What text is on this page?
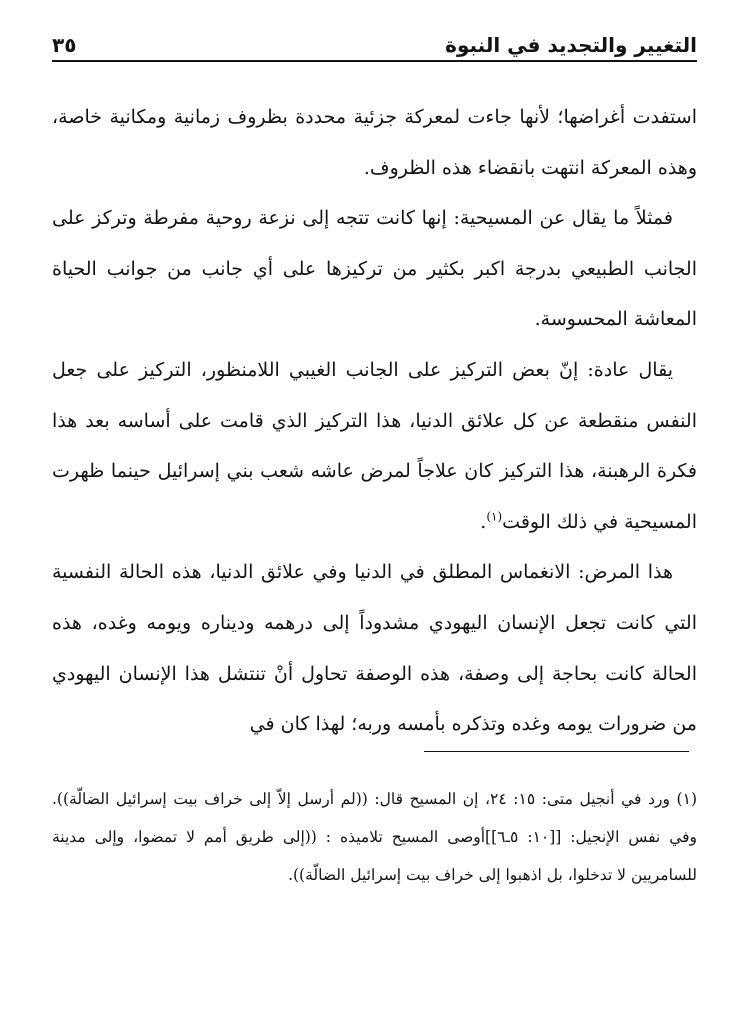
التغيير والتجديد في النبوة
٣٥

استفدت أغراضها؛ لأنها جاءت لمعركة جزئية محددة بظروف زمانية ومكانية خاصة، وهذه المعركة انتهت بانقضاء هذه الظروف.

فمثلاً ما يقال عن المسيحية: إنها كانت تتجه إلى نزعة روحية مفرطة وتركز على الجانب الطبيعي بدرجة اكبر بكثير من تركيزها على أي جانب من جوانب الحياة المعاشة المحسوسة.

يقال عادة: إنّ بعض التركيز على الجانب الغيبي اللامنظور، التركيز على جعل النفس منقطعة عن كل علائق الدنيا، هذا التركيز الذي قامت على أساسه بعد هذا فكرة الرهبنة، هذا التركيز كان علاجاً لمرض عاشه شعب بني إسرائيل حينما ظهرت المسيحية في ذلك الوقت$^{(١)}$.

هذا المرض: الانغماس المطلق في الدنيا وفي علائق الدنيا، هذه الحالة النفسية التي كانت تجعل الإنسان اليهودي مشدوداً إلى درهمه وديناره ويومه وغده، هذه الحالة كانت بحاجة إلى وصفة، هذه الوصفة تحاول أنْ تنتشل هذا الإنسان اليهودي من ضرورات يومه وغده وتذكره بأمسه وربه؛ لهذا كان في

(١) ورد في أنجيل متى: ١٥: ٢٤، إن المسيح قال: ((لم أرسل إلاّ إلى خراف بيت إسرائيل الضالّة)). وفي نفس الإنجيل: [[١٠: ٥ـ٦]]أوصى المسيح تلاميذه : ((إلى طريق أمم لا تمضوا، وإلى مدينة للسامريين لا تدخلوا، بل اذهبوا إلى خراف بيت إسرائيل الضالّة)).
